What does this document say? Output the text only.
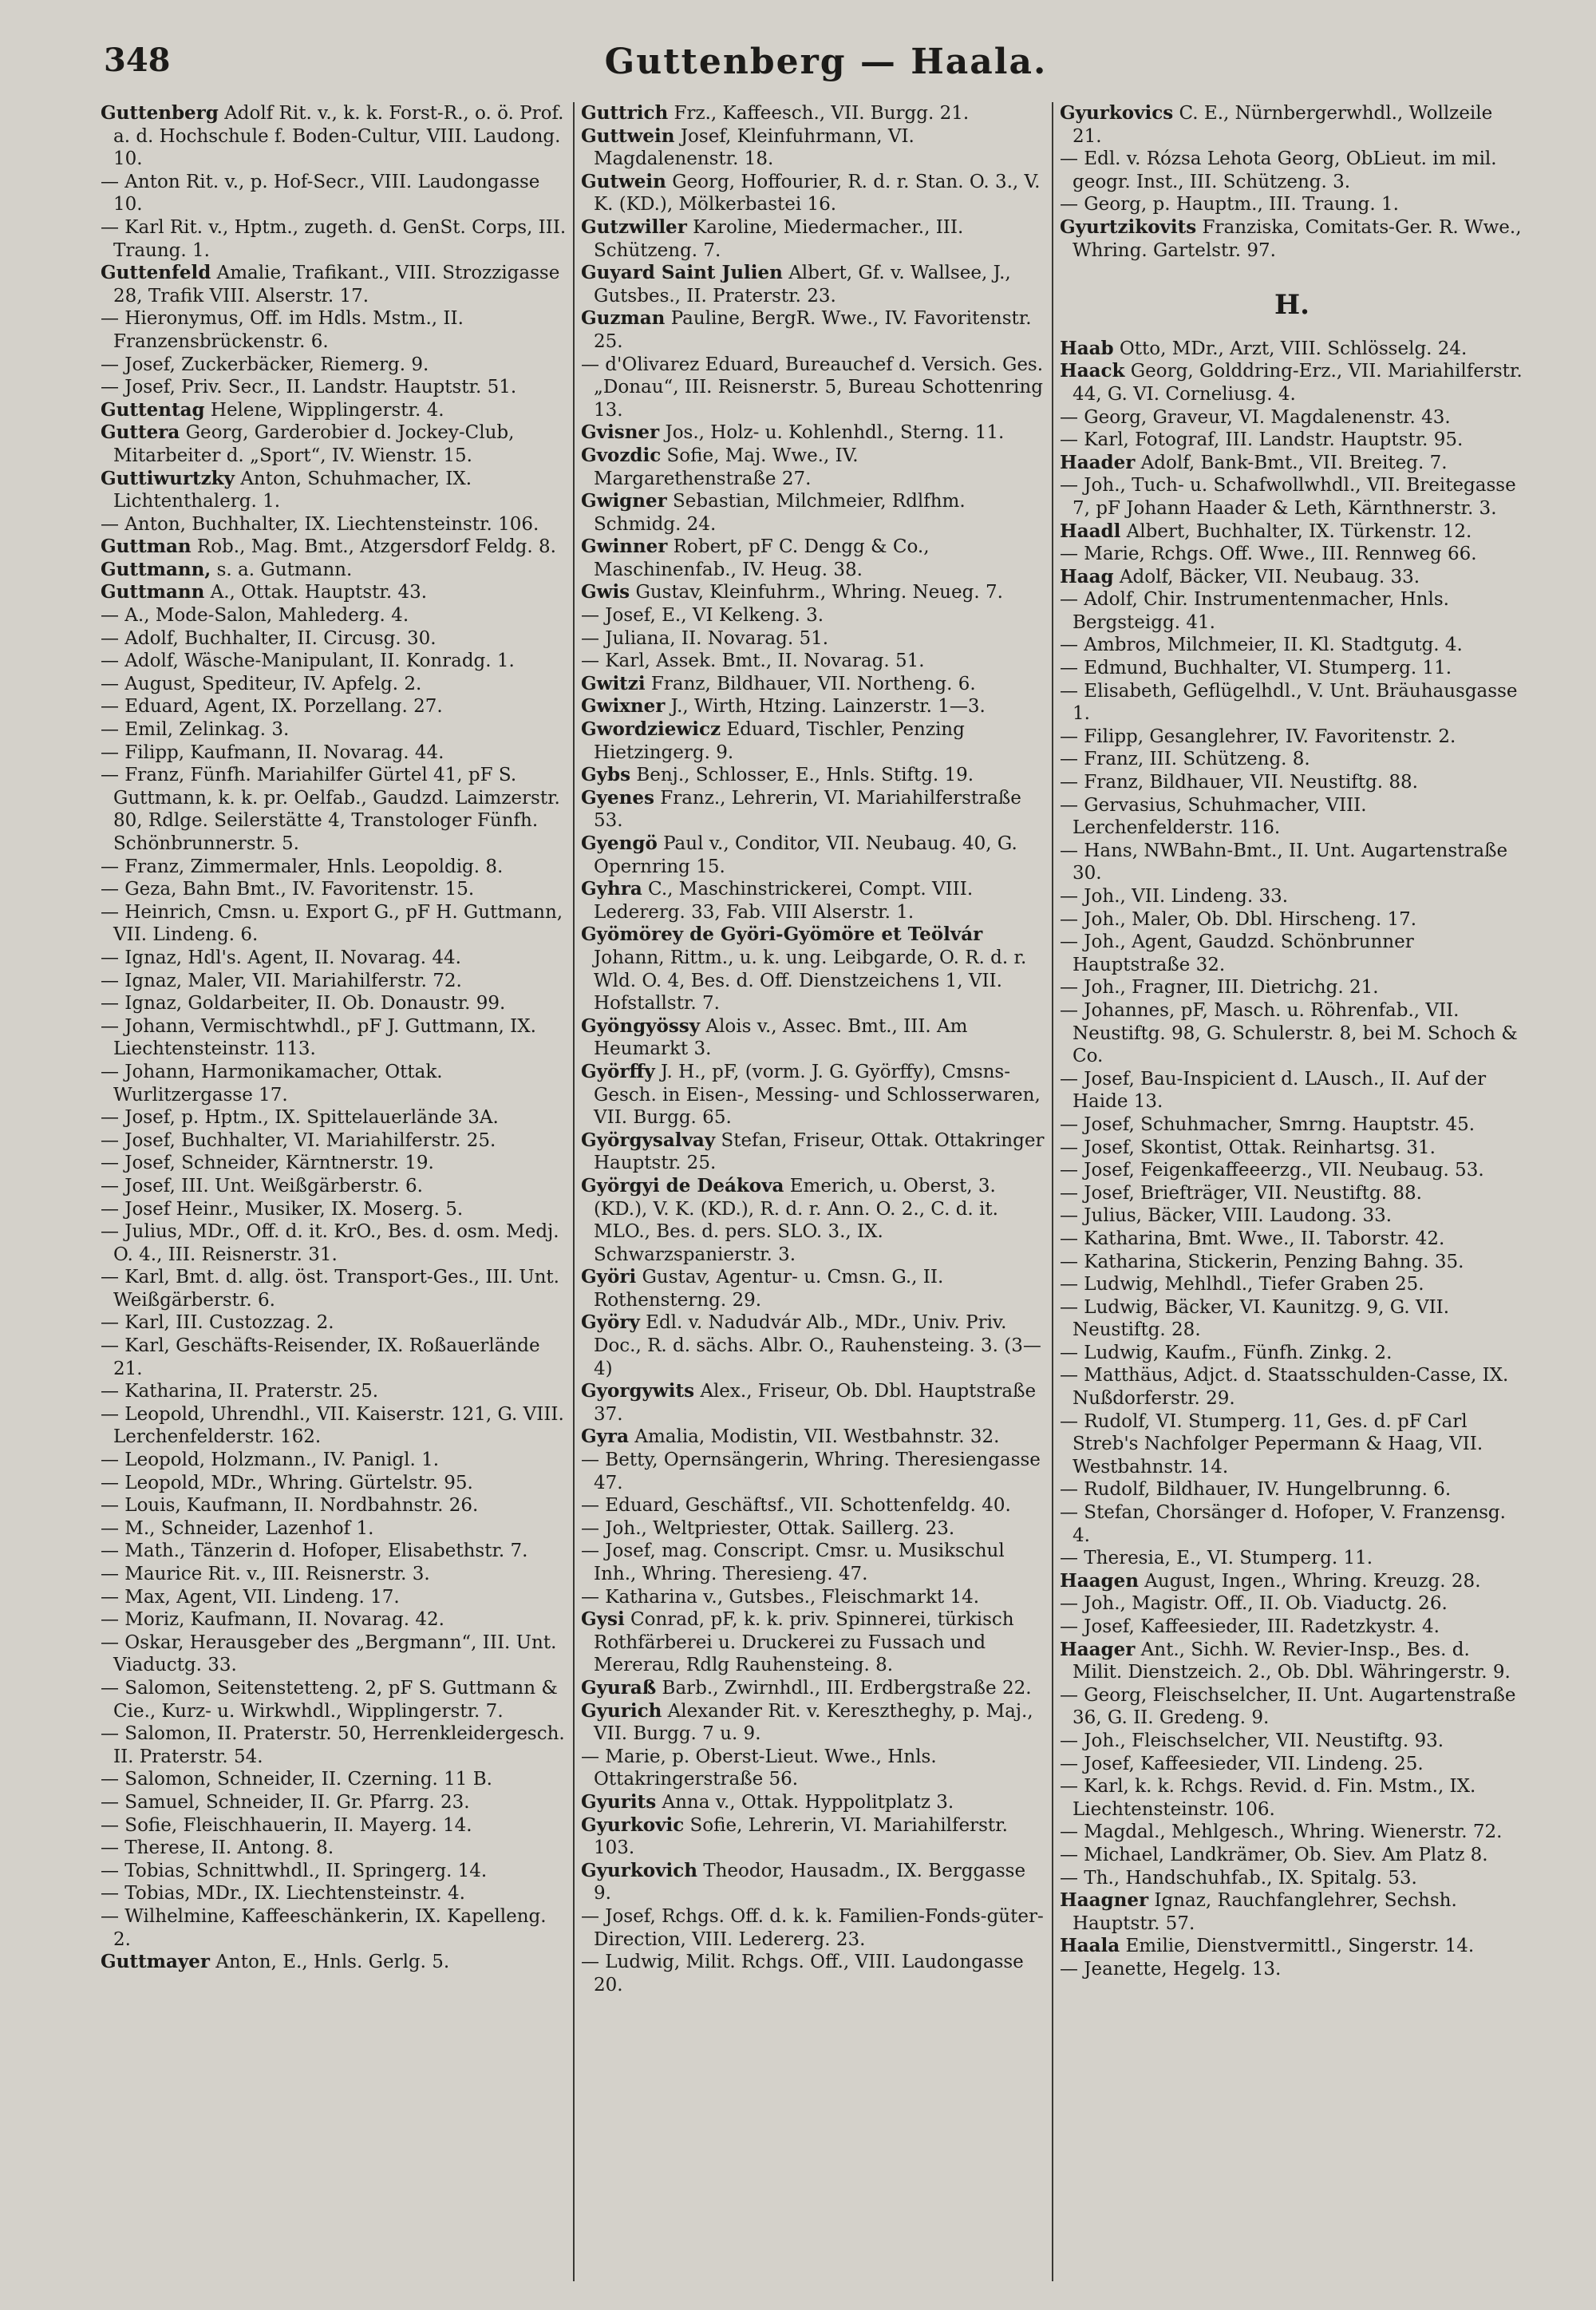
348	Guttenberg — Haala.

Guttenberg Adolf Rit. v., k. k. Forst-R., o. ö. Prof. a. d. Hochschule f. Boden-Cultur, VIII. Laudong. 10.

— Anton Rit. v., p. Hof-Secr., VIII. Laudongasse 10.

— Karl Rit. v., Hptm., zugeth. d. GenSt. Corps, III. Traung. 1.

Guttenfeld Amalie, Trafikant., VIII. Strozzigasse 28, Trafik VIII. Alserstr. 17.

— Hieronymus, Off. im Hdls. Mstm., II. Franzensbrückenstr. 6.

— Josef, Zuckerbäcker, Riemerg. 9.

— Josef, Priv. Secr., II. Landstr. Hauptstr. 51.

Guttentag Helene, Wipplingerstr. 4.

Guttera Georg, Garderobier d. Jockey-Club, Mitarbeiter d. „Sport“, IV. Wienstr. 15.

Guttiwurtzky Anton, Schuhmacher, IX. Lichtenthalerg. 1.

— Anton, Buchhalter, IX. Liechtensteinstr. 106.

Guttman Rob., Mag. Bmt., Atzgersdorf Feldg. 8.

Guttmann, s. a. Gutmann.

Guttmann A., Ottak. Hauptstr. 43.

— A., Mode-Salon, Mahlederg. 4.

— Adolf, Buchhalter, II. Circusg. 30.

— Adolf, Wäsche-Manipulant, II. Konradg. 1.

— August, Spediteur, IV. Apfelg. 2.

— Eduard, Agent, IX. Porzellang. 27.

— Emil, Zelinkag. 3.

— Filipp, Kaufmann, II. Novarag. 44.

— Franz, Fünfh. Mariahilfer Gürtel 41, pF S. Guttmann, k. k. pr. Oelfab., Gaudzd. Laimzerstr. 80, Rdlge. Seilerstätte 4, Transtologer Fünfh. Schönbrunnerstr. 5.

— Franz, Zimmermaler, Hnls. Leopoldig. 8.

— Geza, Bahn Bmt., IV. Favoritenstr. 15.

— Heinrich, Cmsn. u. Export G., pF H. Guttmann, VII. Lindeng. 6.

— Ignaz, Hdl's. Agent, II. Novarag. 44.

— Ignaz, Maler, VII. Mariahilferstr. 72.

— Ignaz, Goldarbeiter, II. Ob. Donaustr. 99.

— Johann, Vermischtwhdl., pF J. Guttmann, IX. Liechtensteinstr. 113.

— Johann, Harmonikamacher, Ottak. Wurlitzergasse 17.

— Josef, p. Hptm., IX. Spittelauerlände 3A.

— Josef, Buchhalter, VI. Mariahilferstr. 25.

— Josef, Schneider, Kärntnerstr. 19.

— Josef, III. Unt. Weißgärberstr. 6.

— Josef Heinr., Musiker, IX. Moserg. 5.

— Julius, MDr., Off. d. it. KrO., Bes. d. osm. Medj. O. 4., III. Reisnerstr. 31.

— Karl, Bmt. d. allg. öst. Transport-Ges., III. Unt. Weißgärberstr. 6.

— Karl, III. Custozzag. 2.

— Karl, Geschäfts-Reisender, IX. Roßauerlände 21.

— Katharina, II. Praterstr. 25.

— Leopold, Uhrendhl., VII. Kaiserstr. 121, G. VIII. Lerchenfelderstr. 162.

— Leopold, Holzmann., IV. Panigl. 1.

— Leopold, MDr., Whring. Gürtelstr. 95.

— Louis, Kaufmann, II. Nordbahnstr. 26.

— M., Schneider, Lazenhof 1.

— Math., Tänzerin d. Hofoper, Elisabethstr. 7.

— Maurice Rit. v., III. Reisnerstr. 3.

— Max, Agent, VII. Lindeng. 17.

— Moriz, Kaufmann, II. Novarag. 42.

— Oskar, Herausgeber des „Bergmann“, III. Unt. Viaductg. 33.

— Salomon, Seitenstetteng. 2, pF S. Guttmann & Cie., Kurz- u. Wirkwhdl., Wipplingerstr. 7.

— Salomon, II. Praterstr. 50, Herrenkleidergesch. II. Praterstr. 54.

— Salomon, Schneider, II. Czerning. 11 B.

— Samuel, Schneider, II. Gr. Pfarrg. 23.

— Sofie, Fleischhauerin, II. Mayerg. 14.

— Therese, II. Antong. 8.

— Tobias, Schnittwhdl., II. Springerg. 14.

— Tobias, MDr., IX. Liechtensteinstr. 4.

— Wilhelmine, Kaffeeschänkerin, IX. Kapelleng. 2.

Guttmayer Anton, E., Hnls. Gerlg. 5.

Guttrich Frz., Kaffeesch., VII. Burgg. 21.

Guttwein Josef, Kleinfuhrmann, VI. Magdalenenstr. 18.

Gutwein Georg, Hoffourier, R. d. r. Stan. O. 3., V. K. (KD.), Mölkerbastei 16.

Gutzwiller Karoline, Miedermacher., III. Schützeng. 7.

Guyard Saint Julien Albert, Gf. v. Wallsee, J., Gutsbes., II. Praterstr. 23.

Guzman Pauline, BergR. Wwe., IV. Favoritenstr. 25.

— d'Olivarez Eduard, Bureauchef d. Versich. Ges. „Donau“, III. Reisnerstr. 5, Bureau Schottenring 13.

Gvisner Jos., Holz- u. Kohlenhdl., Sterng. 11.

Gvozdic Sofie, Maj. Wwe., IV. Margarethenstraße 27.

Gwigner Sebastian, Milchmeier, Rdlfhm. Schmidg. 24.

Gwinner Robert, pF C. Dengg & Co., Maschinenfab., IV. Heug. 38.

Gwis Gustav, Kleinfuhrm., Whring. Neueg. 7.

— Josef, E., VI Kelkeng. 3.

— Juliana, II. Novarag. 51.

— Karl, Assek. Bmt., II. Novarag. 51.

Gwitzi Franz, Bildhauer, VII. Northeng. 6.

Gwixner J., Wirth, Htzing. Lainzerstr. 1—3.

Gwordziewicz Eduard, Tischler, Penzing Hietzingerg. 9.

Gybs Benj., Schlosser, E., Hnls. Stiftg. 19.

Gyenes Franz., Lehrerin, VI. Mariahilferstraße 53.

Gyengö Paul v., Conditor, VII. Neubaug. 40, G. Opernring 15.

Gyhra C., Maschinstrickerei, Compt. VIII. Ledererg. 33, Fab. VIII Alserstr. 1.

Gyömörey de Györi-Gyömöre et Teölvár Johann, Rittm., u. k. ung. Leibgarde, O. R. d. r. Wld. O. 4, Bes. d. Off. Dienstzeichens 1, VII. Hofstallstr. 7.

Gyöngyössy Alois v., Assec. Bmt., III. Am Heumarkt 3.

Györffy J. H., pF, (vorm. J. G. Györffy), Cmsns-Gesch. in Eisen-, Messing- und Schlosserwaren, VII. Burgg. 65.

Györgysalvay Stefan, Friseur, Ottak. Ottakringer Hauptstr. 25.

Györgyi de Deákova Emerich, u. Oberst, 3. (KD.), V. K. (KD.), R. d. r. Ann. O. 2., C. d. it. MLO., Bes. d. pers. SLO. 3., IX. Schwarzspanierstr. 3.

Györi Gustav, Agentur- u. Cmsn. G., II. Rothensterng. 29.

Györy Edl. v. Nadudvár Alb., MDr., Univ. Priv. Doc., R. d. sächs. Albr. O., Rauhensteing. 3. (3—4)

Gyorgywits Alex., Friseur, Ob. Dbl. Hauptstraße 37.

Gyra Amalia, Modistin, VII. Westbahnstr. 32.

— Betty, Opernsängerin, Whring. Theresiengasse 47.

— Eduard, Geschäftsf., VII. Schottenfeldg. 40.

— Joh., Weltpriester, Ottak. Saillerg. 23.

— Josef, mag. Conscript. Cmsr. u. Musikschul Inh., Whring. Theresieng. 47.

— Katharina v., Gutsbes., Fleischmarkt 14.

Gysi Conrad, pF, k. k. priv. Spinnerei, türkisch Rothfärberei u. Druckerei zu Fussach und Mererau, Rdlg Rauhensteing. 8.

Gyuraß Barb., Zwirnhdl., III. Erdbergstraße 22.

Gyurich Alexander Rit. v. Keresztheghy, p. Maj., VII. Burgg. 7 u. 9.

— Marie, p. Oberst-Lieut. Wwe., Hnls. Ottakringerstraße 56.

Gyurits Anna v., Ottak. Hyppolitplatz 3.

Gyurkovic Sofie, Lehrerin, VI. Mariahilferstr. 103.

Gyurkovich Theodor, Hausadm., IX. Berggasse 9.

— Josef, Rchgs. Off. d. k. k. Familien-Fonds-güter-Direction, VIII. Ledererg. 23.

— Ludwig, Milit. Rchgs. Off., VIII. Laudongasse 20.

Gyurkovics C. E., Nürnbergerwhdl., Wollzeile 21.

— Edl. v. Rózsa Lehota Georg, ObLieut. im mil. geogr. Inst., III. Schützeng. 3.

— Georg, p. Hauptm., III. Traung. 1.

Gyurtzikovits Franziska, Comitats-Ger. R. Wwe., Whring. Gartelstr. 97.

H.

Haab Otto, MDr., Arzt, VIII. Schlösselg. 24.

Haack Georg, Golddring-Erz., VII. Mariahilferstr. 44, G. VI. Corneliusg. 4.

— Georg, Graveur, VI. Magdalenenstr. 43.

— Karl, Fotograf, III. Landstr. Hauptstr. 95.

Haader Adolf, Bank-Bmt., VII. Breiteg. 7.

— Joh., Tuch- u. Schafwollwhdl., VII. Breitegasse 7, pF Johann Haader & Leth, Kärnthnerstr. 3.

Haadl Albert, Buchhalter, IX. Türkenstr. 12.

— Marie, Rchgs. Off. Wwe., III. Rennweg 66.

Haag Adolf, Bäcker, VII. Neubaug. 33.

— Adolf, Chir. Instrumentenmacher, Hnls. Bergsteigg. 41.

— Ambros, Milchmeier, II. Kl. Stadtgutg. 4.

— Edmund, Buchhalter, VI. Stumperg. 11.

— Elisabeth, Geflügelhdl., V. Unt. Bräuhausgasse 1.

— Filipp, Gesanglehrer, IV. Favoritenstr. 2.

— Franz, III. Schützeng. 8.

— Franz, Bildhauer, VII. Neustiftg. 88.

— Gervasius, Schuhmacher, VIII. Lerchenfelderstr. 116.

— Hans, NWBahn-Bmt., II. Unt. Augartenstraße 30.

— Joh., VII. Lindeng. 33.

— Joh., Maler, Ob. Dbl. Hirscheng. 17.

— Joh., Agent, Gaudzd. Schönbrunner Hauptstraße 32.

— Joh., Fragner, III. Dietrichg. 21.

— Johannes, pF, Masch. u. Röhrenfab., VII. Neustiftg. 98, G. Schulerstr. 8, bei M. Schoch & Co.

— Josef, Bau-Inspicient d. LAusch., II. Auf der Haide 13.

— Josef, Schuhmacher, Smrng. Hauptstr. 45.

— Josef, Skontist, Ottak. Reinhartsg. 31.

— Josef, Feigenkaffeeerzg., VII. Neubaug. 53.

— Josef, Briefträger, VII. Neustiftg. 88.

— Julius, Bäcker, VIII. Laudong. 33.

— Katharina, Bmt. Wwe., II. Taborstr. 42.

— Katharina, Stickerin, Penzing Bahng. 35.

— Ludwig, Mehlhdl., Tiefer Graben 25.

— Ludwig, Bäcker, VI. Kaunitzg. 9, G. VII. Neustiftg. 28.

— Ludwig, Kaufm., Fünfh. Zinkg. 2.

— Matthäus, Adjct. d. Staatsschulden-Casse, IX. Nußdorferstr. 29.

— Rudolf, VI. Stumperg. 11, Ges. d. pF Carl Streb's Nachfolger Pepermann & Haag, VII. Westbahnstr. 14.

— Rudolf, Bildhauer, IV. Hungelbrunng. 6.

— Stefan, Chorsänger d. Hofoper, V. Franzensg. 4.

— Theresia, E., VI. Stumperg. 11.

Haagen August, Ingen., Whring. Kreuzg. 28.

— Joh., Magistr. Off., II. Ob. Viaductg. 26.

— Josef, Kaffeesieder, III. Radetzkystr. 4.

Haager Ant., Sichh. W. Revier-Insp., Bes. d. Milit. Dienstzeich. 2., Ob. Dbl. Währingerstr. 9.

— Georg, Fleischselcher, II. Unt. Augartenstraße 36, G. II. Gredeng. 9.

— Joh., Fleischselcher, VII. Neustiftg. 93.

— Josef, Kaffeesieder, VII. Lindeng. 25.

— Karl, k. k. Rchgs. Revid. d. Fin. Mstm., IX. Liechtensteinstr. 106.

— Magdal., Mehlgesch., Whring. Wienerstr. 72.

— Michael, Landkrämer, Ob. Siev. Am Platz 8.

— Th., Handschuhfab., IX. Spitalg. 53.

Haagner Ignaz, Rauchfanglehrer, Sechsh. Hauptstr. 57.

Haala Emilie, Dienstvermittl., Singerstr. 14.

— Jeanette, Hegelg. 13.
